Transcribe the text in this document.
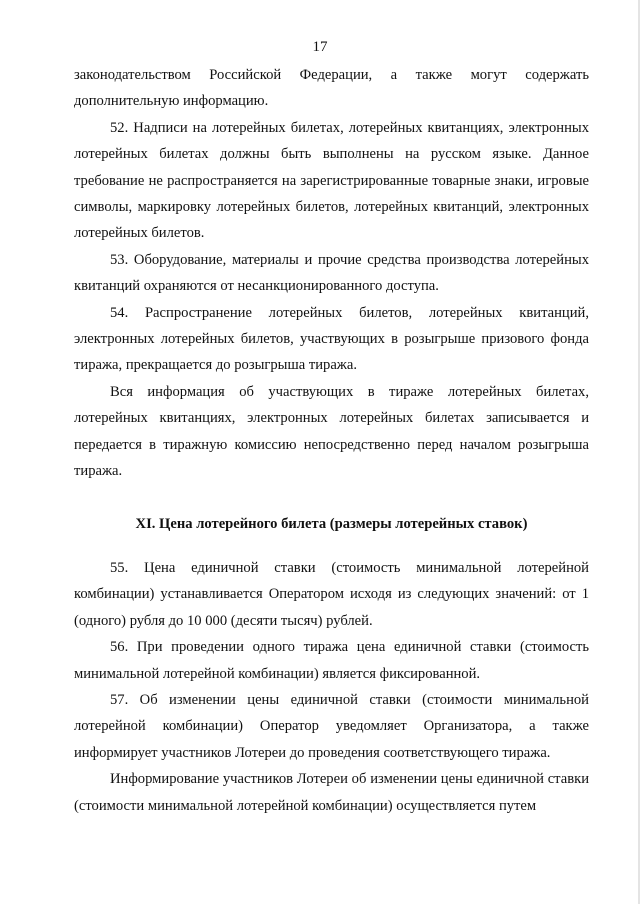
17

законодательством Российской Федерации, а также могут содержать дополнительную информацию.

52. Надписи на лотерейных билетах, лотерейных квитанциях, электронных лотерейных билетах должны быть выполнены на русском языке. Данное требование не распространяется на зарегистрированные товарные знаки, игровые символы, маркировку лотерейных билетов, лотерейных квитанций, электронных лотерейных билетов.

53. Оборудование, материалы и прочие средства производства лотерейных квитанций охраняются от несанкционированного доступа.

54. Распространение лотерейных билетов, лотерейных квитанций, электронных лотерейных билетов, участвующих в розыгрыше призового фонда тиража, прекращается до розыгрыша тиража.

Вся информация об участвующих в тираже лотерейных билетах, лотерейных квитанциях, электронных лотерейных билетах записывается и передается в тиражную комиссию непосредственно перед началом розыгрыша тиража.

XI. Цена лотерейного билета (размеры лотерейных ставок)

55. Цена единичной ставки (стоимость минимальной лотерейной комбинации) устанавливается Оператором исходя из следующих значений: от 1 (одного) рубля до 10 000 (десяти тысяч) рублей.

56. При проведении одного тиража цена единичной ставки (стоимость минимальной лотерейной комбинации) является фиксированной.

57. Об изменении цены единичной ставки (стоимости минимальной лотерейной комбинации) Оператор уведомляет Организатора, а также информирует участников Лотереи до проведения соответствующего тиража.

Информирование участников Лотереи об изменении цены единичной ставки (стоимости минимальной лотерейной комбинации) осуществляется путем
